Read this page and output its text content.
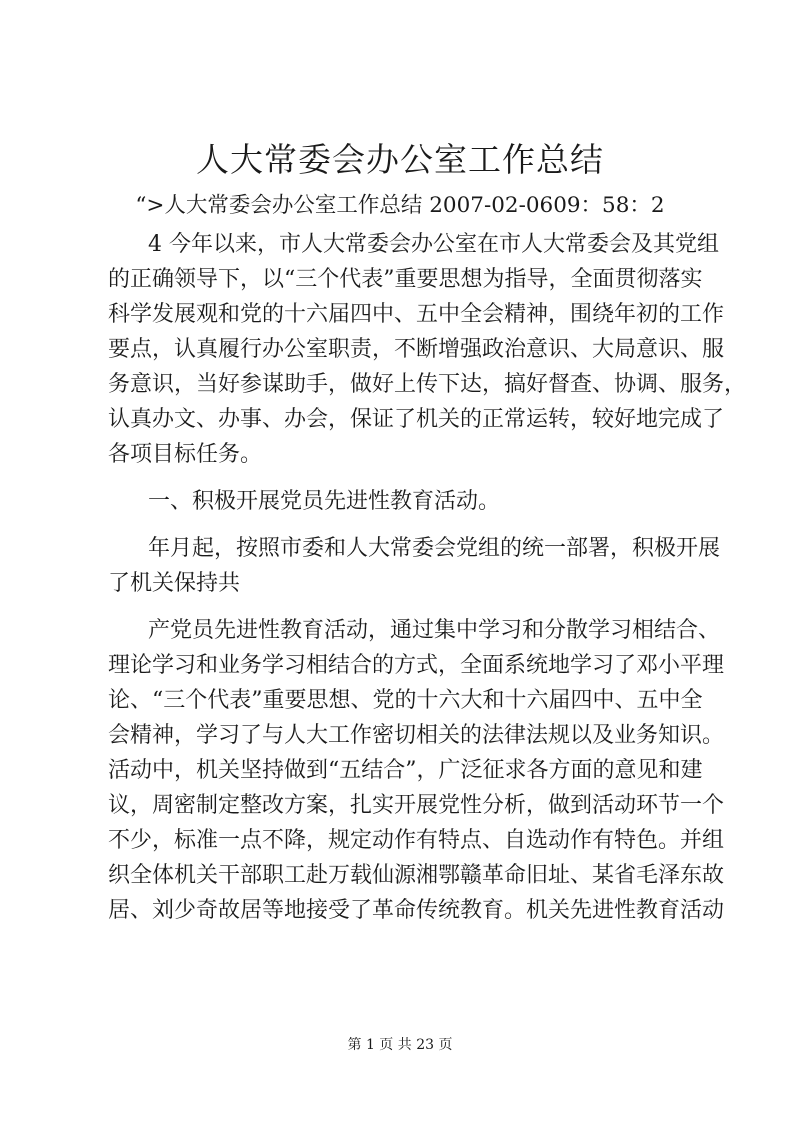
人大常委会办公室工作总结

“>人大常委会办公室工作总结 2007-02-0609：58：2

4 今年以来，市人大常委会办公室在市人大常委会及其党组
的正确领导下，以“三个代表”重要思想为指导，全面贯彻落实
科学发展观和党的十六届四中、五中全会精神，围绕年初的工作
要点，认真履行办公室职责，不断增强政治意识、大局意识、服
务意识，当好参谋助手，做好上传下达，搞好督查、协调、服务，
认真办文、办事、办会，保证了机关的正常运转，较好地完成了
各项目标任务。
一、积极开展党员先进性教育活动。
年月起，按照市委和人大常委会党组的统一部署，积极开展
了机关保持共
产党员先进性教育活动，通过集中学习和分散学习相结合、
理论学习和业务学习相结合的方式，全面系统地学习了邓小平理
论、“三个代表”重要思想、党的十六大和十六届四中、五中全
会精神，学习了与人大工作密切相关的法律法规以及业务知识。
活动中，机关坚持做到“五结合”，广泛征求各方面的意见和建
议，周密制定整改方案，扎实开展党性分析，做到活动环节一个
不少，标准一点不降，规定动作有特点、自选动作有特色。并组
织全体机关干部职工赴万载仙源湘鄂赣革命旧址、某省毛泽东故
居、刘少奇故居等地接受了革命传统教育。机关先进性教育活动
第 1 页 共 23 页
